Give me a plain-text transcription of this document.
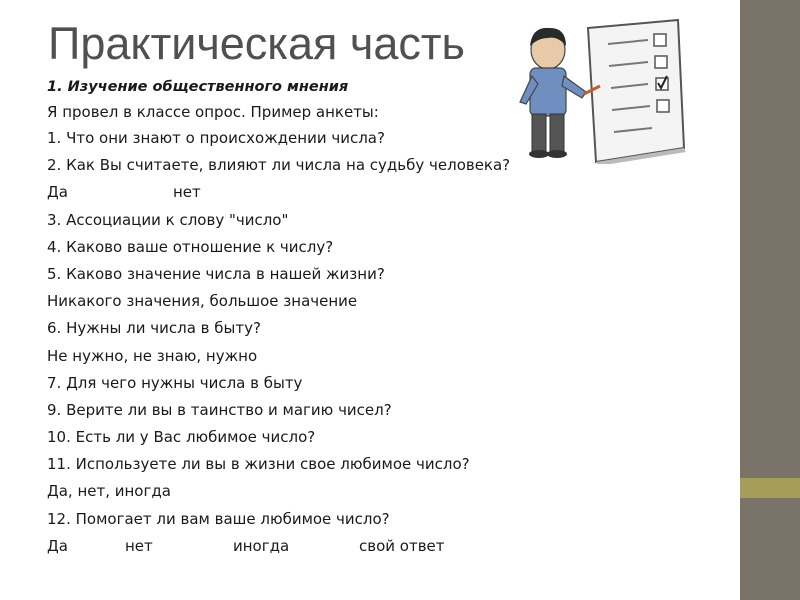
Практическая часть
1. Изучение общественного мнения
Я провел в классе опрос. Пример анкеты:
1. Что они знают о происхождении числа?
2. Как Вы считаете, влияют ли числа на судьбу человека?
Да	нет
3. Ассоциации к слову "число"
4. Каково ваше отношение к числу?
5. Каково значение числа в нашей жизни?
Никакого значения, большое значение
6. Нужны ли числа в быту?
Не нужно, не знаю, нужно
7. Для чего нужны числа в быту
9. Верите ли вы в таинство и магию чисел?
10. Есть ли у Вас любимое число?
11. Используете ли вы в жизни свое любимое число?
Да, нет, иногда
12. Помогает ли вам ваше любимое число?
Да	нет	иногда	свой ответ
